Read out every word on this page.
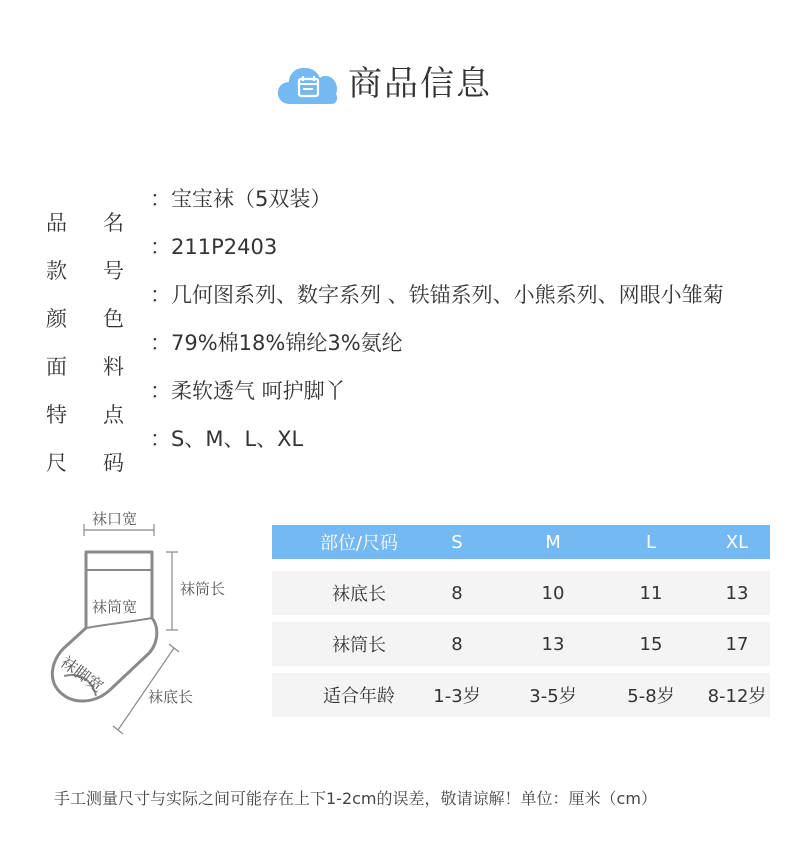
商品信息
品	名
：宝宝袜（5双装）
款	号
：211P2403
颜	色
：几何图系列、数字系列 、铁锚系列、小熊系列、网眼小雏菊
面	料
：79%棉18%锦纶3%氨纶
特	点
：柔软透气 呵护脚丫
尺	码
：S、M、L、XL
袜口宽
袜筒宽
袜筒长
袜脚宽
袜底长
部位/尺码	S	M	L	XL
袜底长	8	10	11	13
袜筒长	8	13	15	17
适合年龄	1-3岁	3-5岁	5-8岁	8-12岁
手工测量尺寸与实际之间可能存在上下1-2cm的误差，敬请谅解！单位：厘米（cm）
